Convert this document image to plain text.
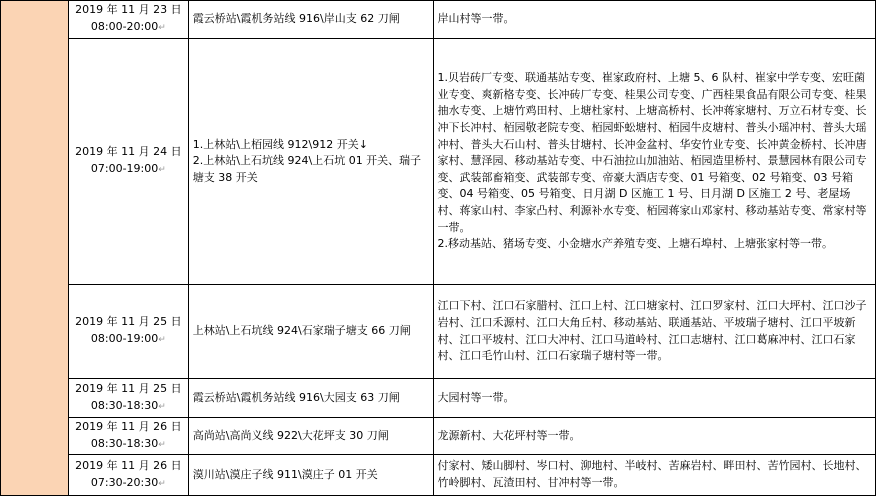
	2019 年 11 月 23 日
08:00-20:00↵	霞云桥站\霞机务站线 916\岸山支 62 刀闸	岸山村等一带。

	2019 年 11 月 24 日
07:00-19:00↵	1.上林站\上栢园线 912\912 开关↓
2.上林站\上石坑线 924\上石坑 01 开关、瑞子塘支 38 开关	1.贝岩砖厂专变、联通基站专变、崔家政府村、上塘 5、6 队村、崔家中学专变、宏旺菌业专变、爽新格专变、长冲砖厂专变、桂果公司专变、广西桂果食品有限公司专变、桂果抽水专变、上塘竹鸡田村、上塘杜家村、上塘高桥村、长冲蒋家塘村、万立石材专变、长冲下长冲村、栢园敬老院专变、栢园虾蚣塘村、栢园牛皮塘村、普头小瑶冲村、普头大瑶冲村、普头大石山村、普头甘塘村、长冲金盆村、华安竹业专变、长冲黄金桥村、长冲唐家村、慧泽园、移动基站专变、中石油拉山加油站、栢园造里桥村、景慧园林有限公司专变、武装部畜箱变、武装部专变、帝豪大酒店专变、01 号箱变、02 号箱变、03 号箱变、04 号箱变、05 号箱变、日月湖 D 区施工 1 号、日月湖 D 区施工 2 号、老屋场村、蒋家山村、李家凸村、利源补水专变、栢园蒋家山邓家村、移动基站专变、常家村等一带。
2.移动基站、猪场专变、小金塘水产养殖专变、上塘石埠村、上塘张家村等一带。

	2019 年 11 月 25 日
08:00-19:00↵	上林站\上石坑线 924\石家瑞子塘支 66 刀闸	江口下村、江口石家腊村、江口上村、江口塘家村、江口罗家村、江口大坪村、江口沙子岩村、江口禾源村、江口大角丘村、移动基站、联通基站、平坡瑞子塘村、江口平坡新村、江口平坡村、江口大冲村、江口马道岭村、江口志塘村、江口葛麻冲村、江口石家村、江口毛竹山村、江口石家瑞子塘村等一带。

	2019 年 11 月 25 日
08:30-18:30↵	霞云桥站\霞机务站线 916\大园支 63 刀闸	大园村等一带。

	2019 年 11 月 26 日
08:30-18:30↵	高尚站\高尚义线 922\大花坪支 30 刀闸	龙源新村、大花坪村等一带。

	2019 年 11 月 26 日
07:30-20:30↵	漠川站\漠庄子线 911\漠庄子 01 开关	付家村、矮山脚村、岑口村、泖地村、半岐村、苦麻岩村、畔田村、苦竹园村、长地村、竹岭脚村、瓦渣田村、甘冲村等一带。
